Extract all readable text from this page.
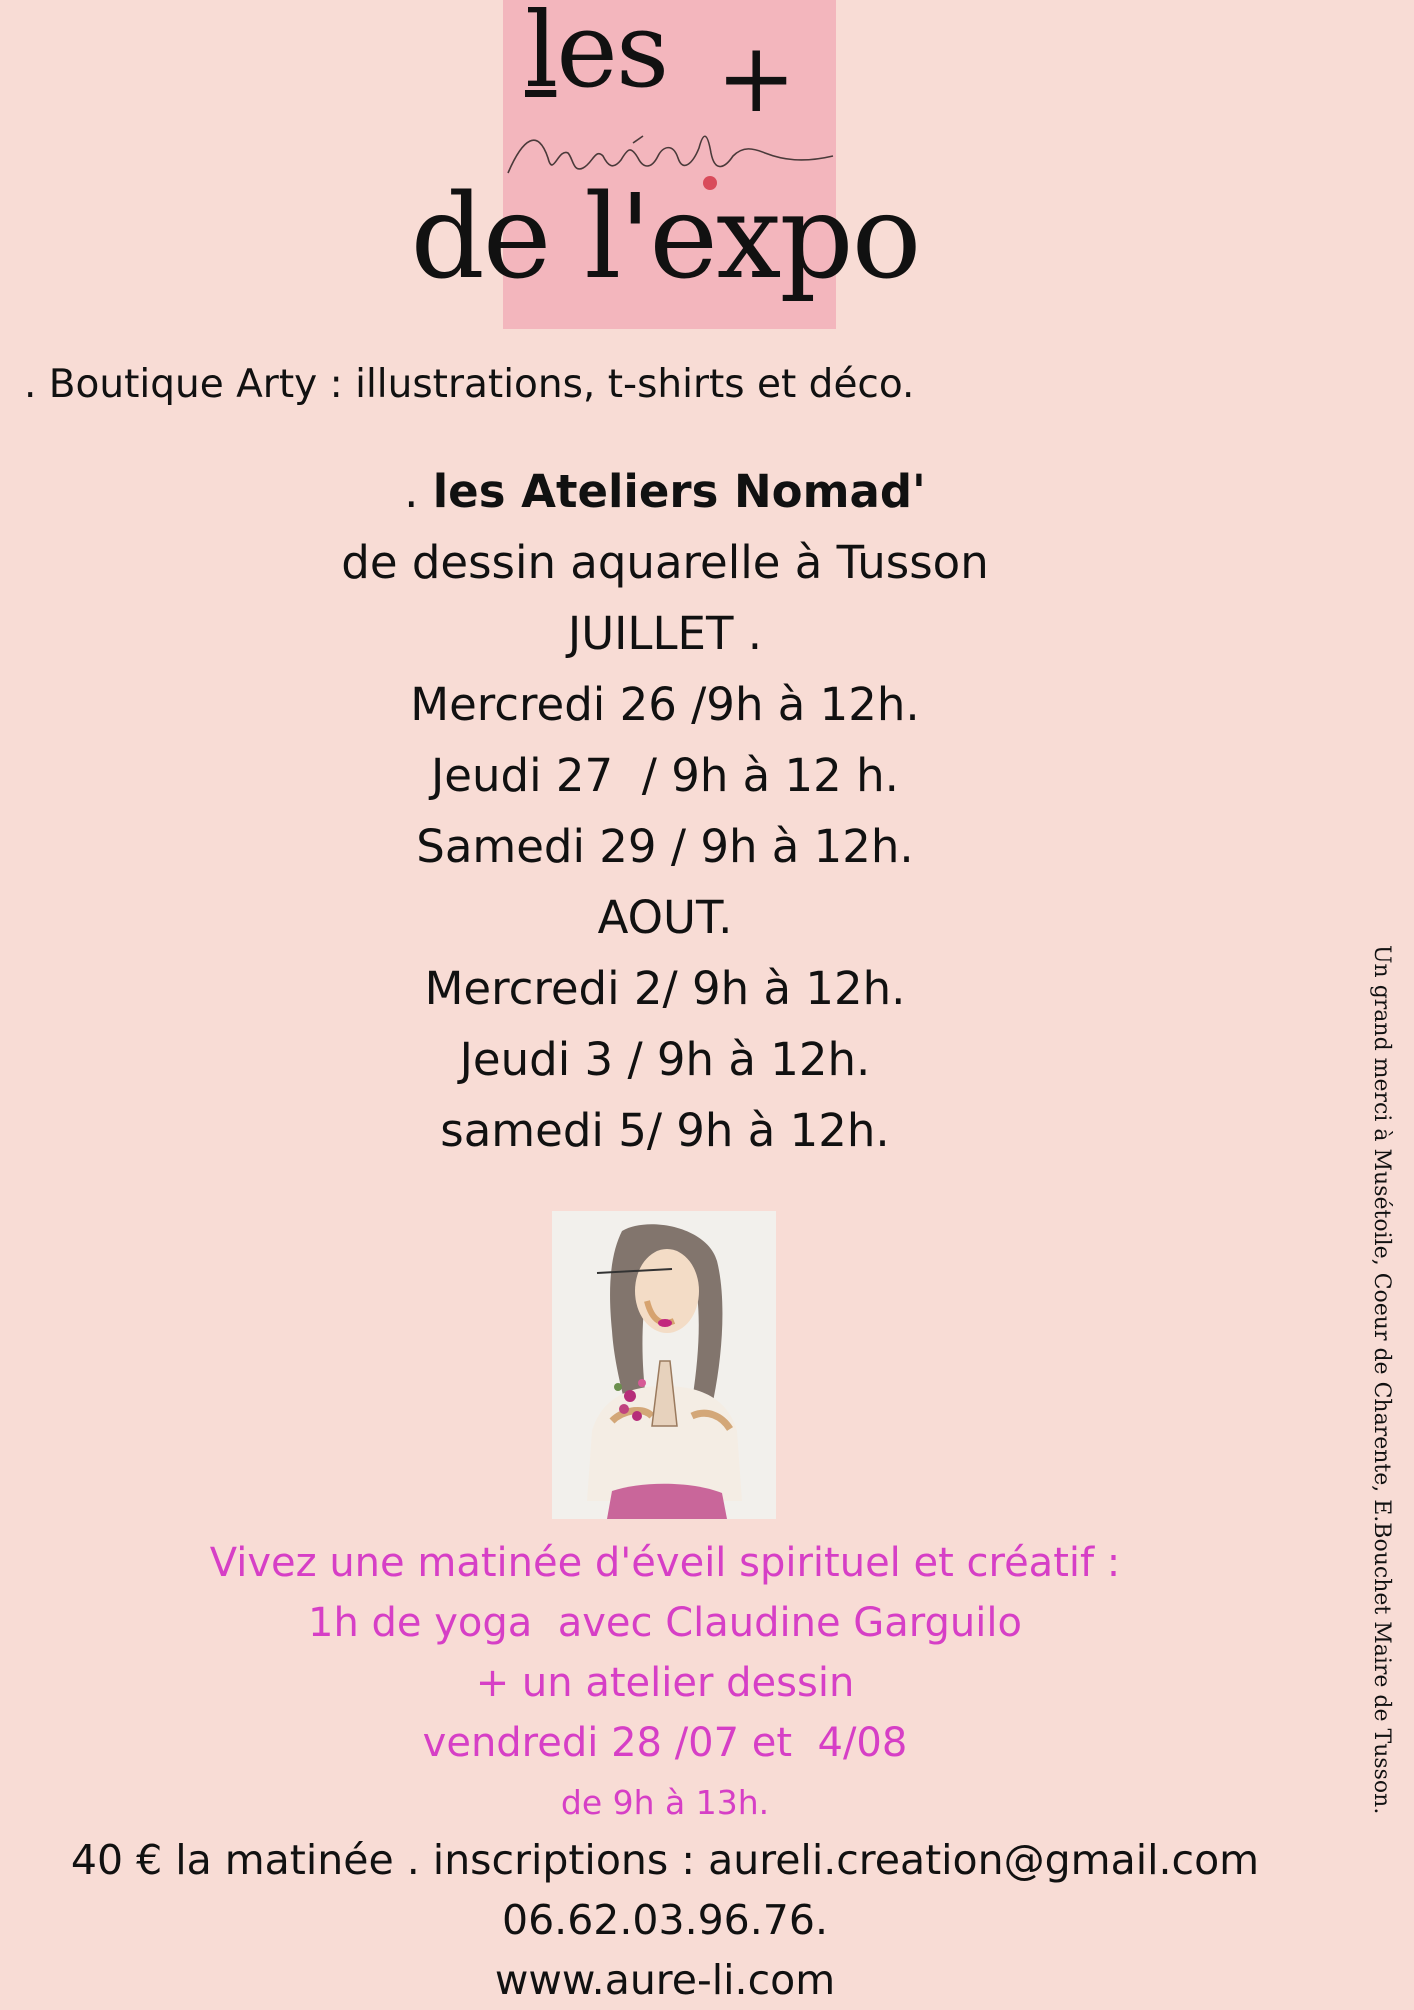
les +
de l'expo
. Boutique Arty : illustrations, t-shirts et déco.
. les Ateliers Nomad'
de dessin aquarelle à Tusson
JUILLET .
Mercredi 26 /9h à 12h.
Jeudi 27  / 9h à 12 h.
Samedi 29 / 9h à 12h.
AOUT.
Mercredi 2/ 9h à 12h.
Jeudi 3 / 9h à 12h.
samedi 5/ 9h à 12h.
Vivez une matinée d'éveil spirituel et créatif :
1h de yoga  avec Claudine Garguilo
+ un atelier dessin
vendredi 28 /07 et  4/08
de 9h à 13h.
40 € la matinée . inscriptions : aureli.creation@gmail.com
06.62.03.96.76.
www.aure-li.com
Un grand merci à Musétoile, Coeur de Charente, E.Bouchet Maire de Tusson.
